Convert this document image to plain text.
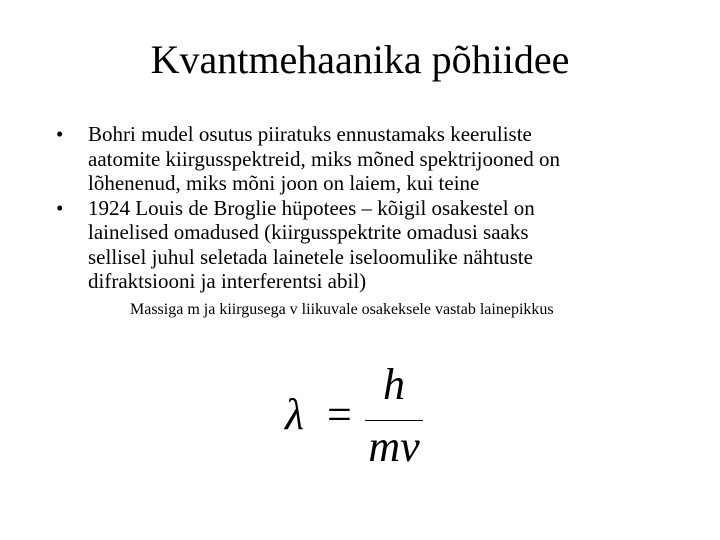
Kvantmehaanika põhiidee
•	Bohri mudel osutus piiratuks ennustamaks keeruliste
aatomite kiirgusspektreid, miks mõned spektrijooned on
lõhenenud, miks mõni joon on laiem, kui teine
•	1924 Louis de Broglie hüpotees – kõigil osakestel on
lainelised omadused (kiirgusspektrite omadusi saaks
sellisel juhul seletada lainetele iseloomulike nähtuste
difraktsiooni ja interferentsi abil)
Massiga m ja kiirgusega v liikuvale osakeksele vastab lainepikkus
λ =
h
mv
